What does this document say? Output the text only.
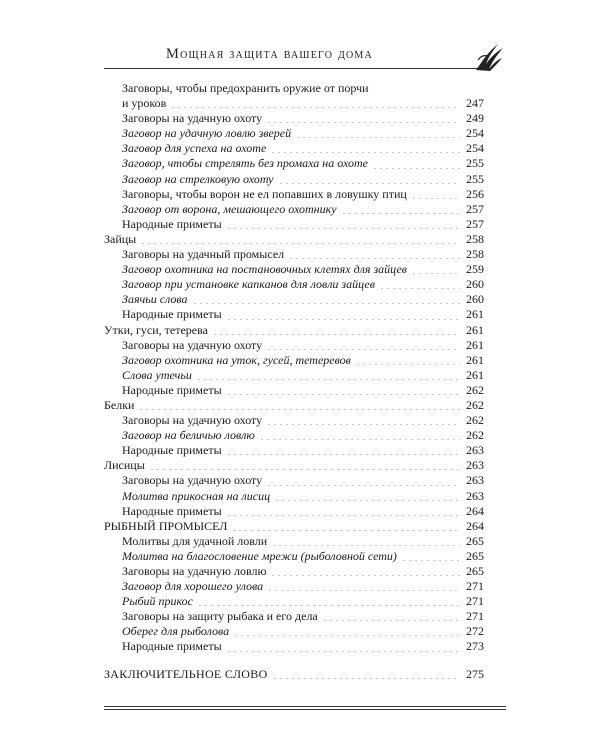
Мощная защита вашего дома
Заговоры, чтобы предохранить оружие от порчи
и уроков	247
Заговоры на удачную охоту	249
Заговор на удачную ловлю зверей	254
Заговор для успеха на охоте	254
Заговор, чтобы стрелять без промаха на охоте	255
Заговор на стрелковую охоту	255
Заговоры, чтобы ворон не ел попавших в ловушку птиц	256
Заговор от ворона, мешающего охотнику	257
Народные приметы	257
Зайцы	258
Заговоры на удачный промысел	258
Заговор охотника на постановочных клетях для зайцев	259
Заговор при установке капканов для ловли зайцев	260
Заячьи слова	260
Народные приметы	261
Утки, гуси, тетерева	261
Заговоры на удачную охоту	261
Заговор охотника на уток, гусей, тетеревов	261
Слова утечьи	261
Народные приметы	262
Белки	262
Заговоры на удачную охоту	262
Заговор на беличью ловлю	262
Народные приметы	263
Лисицы	263
Заговоры на удачную охоту	263
Молитва прикосная на лисиц	263
Народные приметы	264
РЫБНЫЙ ПРОМЫСЕЛ	264
Молитвы для удачной ловли	265
Молитва на благословение мрежи (рыболовной сети)	265
Заговоры на удачную ловлю	265
Заговор для хорошего улова	271
Рыбий прикос	271
Заговоры на защиту рыбака и его дела	271
Оберег для рыболова	272
Народные приметы	273
ЗАКЛЮЧИТЕЛЬНОЕ СЛОВО	275
